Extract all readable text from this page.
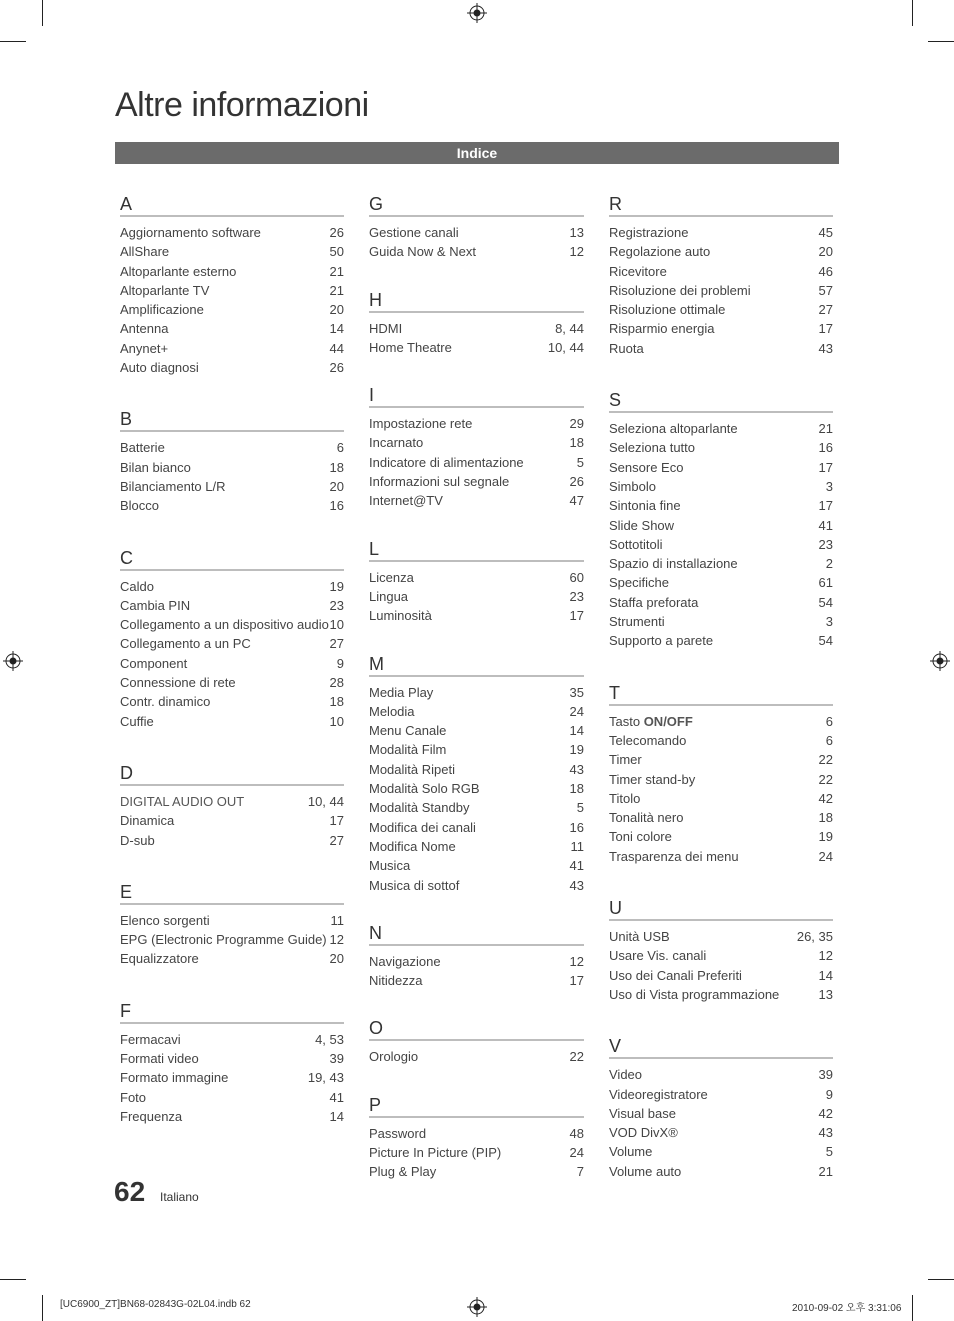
Altre informazioni
Indice
A
Aggiornamento software	26
AllShare	50
Altoparlante esterno	21
Altoparlante TV	21
Amplificazione	20
Antenna	14
Anynet+	44
Auto diagnosi	26
B
Batterie	6
Bilan bianco	18
Bilanciamento L/R	20
Blocco	16
C
Caldo	19
Cambia PIN	23
Collegamento a un dispositivo audio 10
Collegamento a un PC	27
Component	9
Connessione di rete	28
Contr. dinamico	18
Cuffie	10
D
DIGITAL AUDIO OUT	10, 44
Dinamica	17
D-sub	27
E
Elenco sorgenti	11
EPG (Electronic Programme Guide) 12
Equalizzatore	20
F
Fermacavi	4, 53
Formati video	39
Formato immagine	19, 43
Foto	41
Frequenza	14
G
Gestione canali	13
Guida Now & Next	12
H
HDMI	8, 44
Home Theatre	10, 44
I
Impostazione rete	29
Incarnato	18
Indicatore di alimentazione	5
Informazioni sul segnale	26
Internet@TV	47
L
Licenza	60
Lingua	23
Luminosità	17
M
Media Play	35
Melodia	24
Menu Canale	14
Modalità Film	19
Modalità Ripeti	43
Modalità Solo RGB	18
Modalità Standby	5
Modifica dei canali	16
Modifica Nome	11
Musica	41
Musica di sottof	43
N
Navigazione	12
Nitidezza	17
O
Orologio	22
P
Password	48
Picture In Picture (PIP)	24
Plug & Play	7
R
Registrazione	45
Regolazione auto	20
Ricevitore	46
Risoluzione dei problemi	57
Risoluzione ottimale	27
Risparmio energia	17
Ruota	43
S
Seleziona altoparlante	21
Seleziona tutto	16
Sensore Eco	17
Simbolo	3
Sintonia fine	17
Slide Show	41
Sottotitoli	23
Spazio di installazione	2
Specifiche	61
Staffa preforata	54
Strumenti	3
Supporto a parete	54
T
Tasto ON/OFF	6
Telecomando	6
Timer	22
Timer stand-by	22
Titolo	42
Tonalità nero	18
Toni colore	19
Trasparenza dei menu	24
U
Unità USB	26, 35
Usare Vis. canali	12
Uso dei Canali Preferiti	14
Uso di Vista programmazione	13
V
Video	39
Videoregistratore	9
Visual base	42
VOD DivX®	43
Volume	5
Volume auto	21
62 Italiano
[UC6900_ZT]BN68-02843G-02L04.indb 62	2010-09-02 오후 3:31:06
